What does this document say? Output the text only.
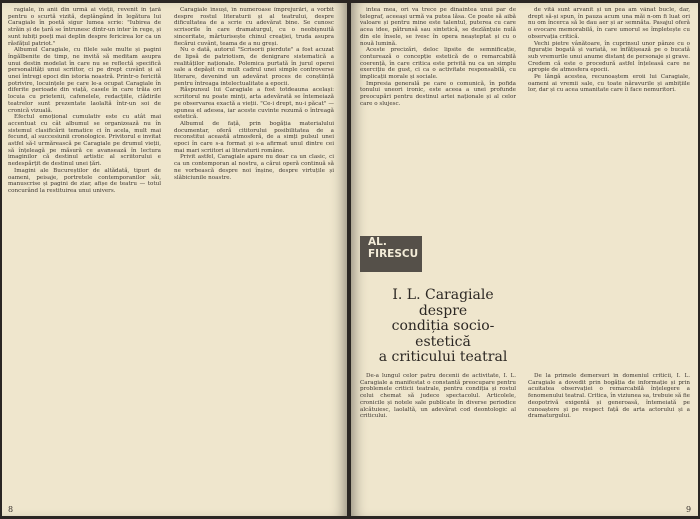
ragiale, în anii din urmă ai vieții, revenit în țară pentru o scurtă vizită, deplângând în legătura lui Caragiale în poetă sigur lumea scrie: "Iubirea de străin și de țară se întrunesc dintr-un inter în rege, și sunt iubiți poeți mai deplin despre fericirea lor ca un răsfățul patriot."

Albumul Caragiale, cu filele sale multe și pagini îngălbenite de timp, ne invită să meditam asupra unui destin modelat în care nu se reflectă specifică personalități unui scriitor, ci pe drept cuvânt și al unei întregi epoci din istoria noastră. Printr-o fericită potrivire, locuințele pe care le-a ocupat Caragiale în diferite perioade din viață, casele în care trăia ori locuia cu prietenii, cafenelele, redacțiile, clădirile teatrelor sunt prezentate laolaltă într-un soi de cronică vizuală.

Efectul emoțional cumulativ este cu atât mai accentuat cu cât albumul se organizează nu în sistemul clasificării tematice ci în acela, mult mai fecund, al succesiunii cronologice. Privitorul e invitat astfel să-l urmărească pe Caragiale pe drumul vieții, să înțeleagă pe măsură ce avansează în lectura imaginilor că destinul artistic al scriitorului e nedespărțit de destinul unei țări.

Imagini ale Bucureștilor de altădată, tipuri de oameni, peisaje, portretele contemporanilor săi, manuscrise și pagini de ziar, afișe de teatru — totul concurând la restituirea unui univers.

Caragiale însuși, în numeroase împrejurări, a vorbit despre rostul literaturii și al teatrului, despre dificultatea de a scrie cu adevărat bine. Se cunosc scrisorile în care dramaturgul, cu o neobișnuită sinceritate, mărturisește chinul creației, truda asupra fiecărui cuvânt, teama de a nu greși.

Nu o dată, autorul "Scrisorii pierdute" a fost acuzat de lipsă de patriotism, de denigrare sistematică a realităților naționale. Polemica purtată în jurul operei sale a depășit cu mult cadrul unei simple controverse literare, devenind un adevărat proces de conștiință pentru întreaga intelectualitate a epocii.

Răspunsul lui Caragiale a fost totdeauna același: scriitorul nu poate minți, arta adevărată se întemeiază pe observarea exactă a vieții. "Ce-i drept, nu-i păcat" — spunea el adesea, iar aceste cuvinte rezumă o întreagă estetică.

Albumul de față, prin bogăția materialului documentar, oferă cititorului posibilitatea de a reconstitui această atmosferă, de a simți pulsul unei epoci în care s-a format și s-a afirmat unul dintre cei mai mari scriitori ai literaturii române.

Privit astfel, Caragiale apare nu doar ca un clasic, ci ca un contemporan al nostru, a cărui operă continuă să ne vorbească despre noi înșine, despre virtuțile și slăbiciunile noastre.

8

intea mea, ori va trece pe dinaintea unui par de telegraf, aceeași urmă va putea lăsa. Ce poate să aibă valoare și pentru mine este talentul, puterea cu care acea idee, pătrunsă sau sintetică, se dezlănțuie nulă din ele însele, se ivesc în opera neașteptat și cu o nouă lumină.

Aceste precizări, deloc lipsite de semnificație, conturează o concepție estetică de o remarcabilă coerență, în care critica este privită nu ca un simplu exercițiu de gust, ci ca o activitate responsabilă, cu implicații morale și sociale.

Impresia generală pe care o comunică, în pofida tonului uneori ironic, este aceea a unei profunde preocupări pentru destinul artei naționale și al celor care o slujesc.

de vită sunt arvanit și un pea am vânat bucle, dar, drept să-și spun, în pauza acum una măi n-om fi luat ori nu om încerca să le dau aer și ar semnăta. Pasajul oferă o evocare memorabilă, în care umorul se împletește cu observația critică.

Vechi pietre vânătoare, în cuprinsul unor pânze cu o figurație bogată și variată, se înfățișează pe o bucată sub vremurile unui anume distanț de personaje și grave. Credem că este o procedură astfel înțeleasă care ne apropie de atmosfera epocii.

Pe lângă acestea, recunoaștem eroii lui Caragiale, oameni ai vremii sale, cu toate năravurile și ambițiile lor, dar și cu acea umanitate care îi face nemuritori.

AL.
FIRESCU
I. L. Caragiale
despre
condiția socio-estetică
a criticului teatral

De-a lungul celor patru decenii de activitate, I. L. Caragiale a manifestat o constantă preocupare pentru problemele criticii teatrale, pentru condiția și rostul celui chemat să judece spectacolul. Articolele, cronicile și notele sale publicate în diverse periodice alcătuiesc, laolaltă, un adevărat cod deontologic al criticului.

De la primele demersuri în domeniul criticii, I. L. Caragiale a dovedit prin bogăția de informație și prin acuitatea observației o remarcabilă înțelegere a fenomenului teatral. Critica, în viziunea sa, trebuie să fie deopotrivă exigentă și generoasă, întemeiată pe cunoaștere și pe respect față de arta actorului și a dramaturgului.

9
